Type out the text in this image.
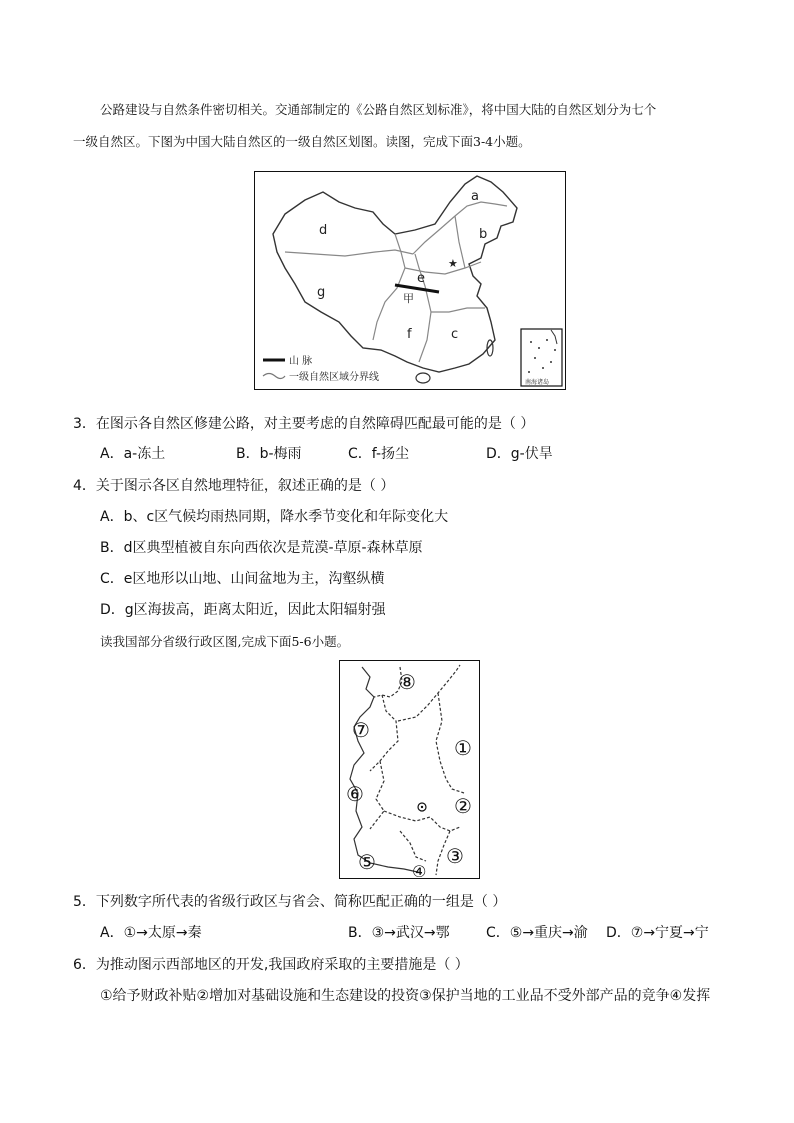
公路建设与自然条件密切相关。交通部制定的《公路自然区划标准》，将中国大陆的自然区划分为七个
一级自然区。下图为中国大陆自然区的一级自然区划图。读图，完成下面3-4小题。
a
b
c
d
e
f
g	甲
★
山 脉
一级自然区域分界线	南海诸岛
3．在图示各自然区修建公路，对主要考虑的自然障碍匹配最可能的是（ ）
A．a-冻土	B．b-梅雨	C．f-扬尘	D．g-伏旱
4．关于图示各区自然地理特征，叙述正确的是（ ）
A．b、c区气候均雨热同期，降水季节变化和年际变化大
B．d区典型植被自东向西依次是荒漠-草原-森林草原
C．e区地形以山地、山间盆地为主，沟壑纵横
D．g区海拔高，距离太阳近，因此太阳辐射强
读我国部分省级行政区图,完成下面5-6小题。
⑧
⑦
①
⑥	②
⑤	③
④
5．下列数字所代表的省级行政区与省会、简称匹配正确的一组是（ ）
A．①→太原→秦	B．③→武汉→鄂	C．⑤→重庆→渝 D．⑦→宁夏→宁
6．为推动图示西部地区的开发,我国政府采取的主要措施是（ ）
①给予财政补贴②增加对基础设施和生态建设的投资③保护当地的工业品不受外部产品的竞争④发挥
